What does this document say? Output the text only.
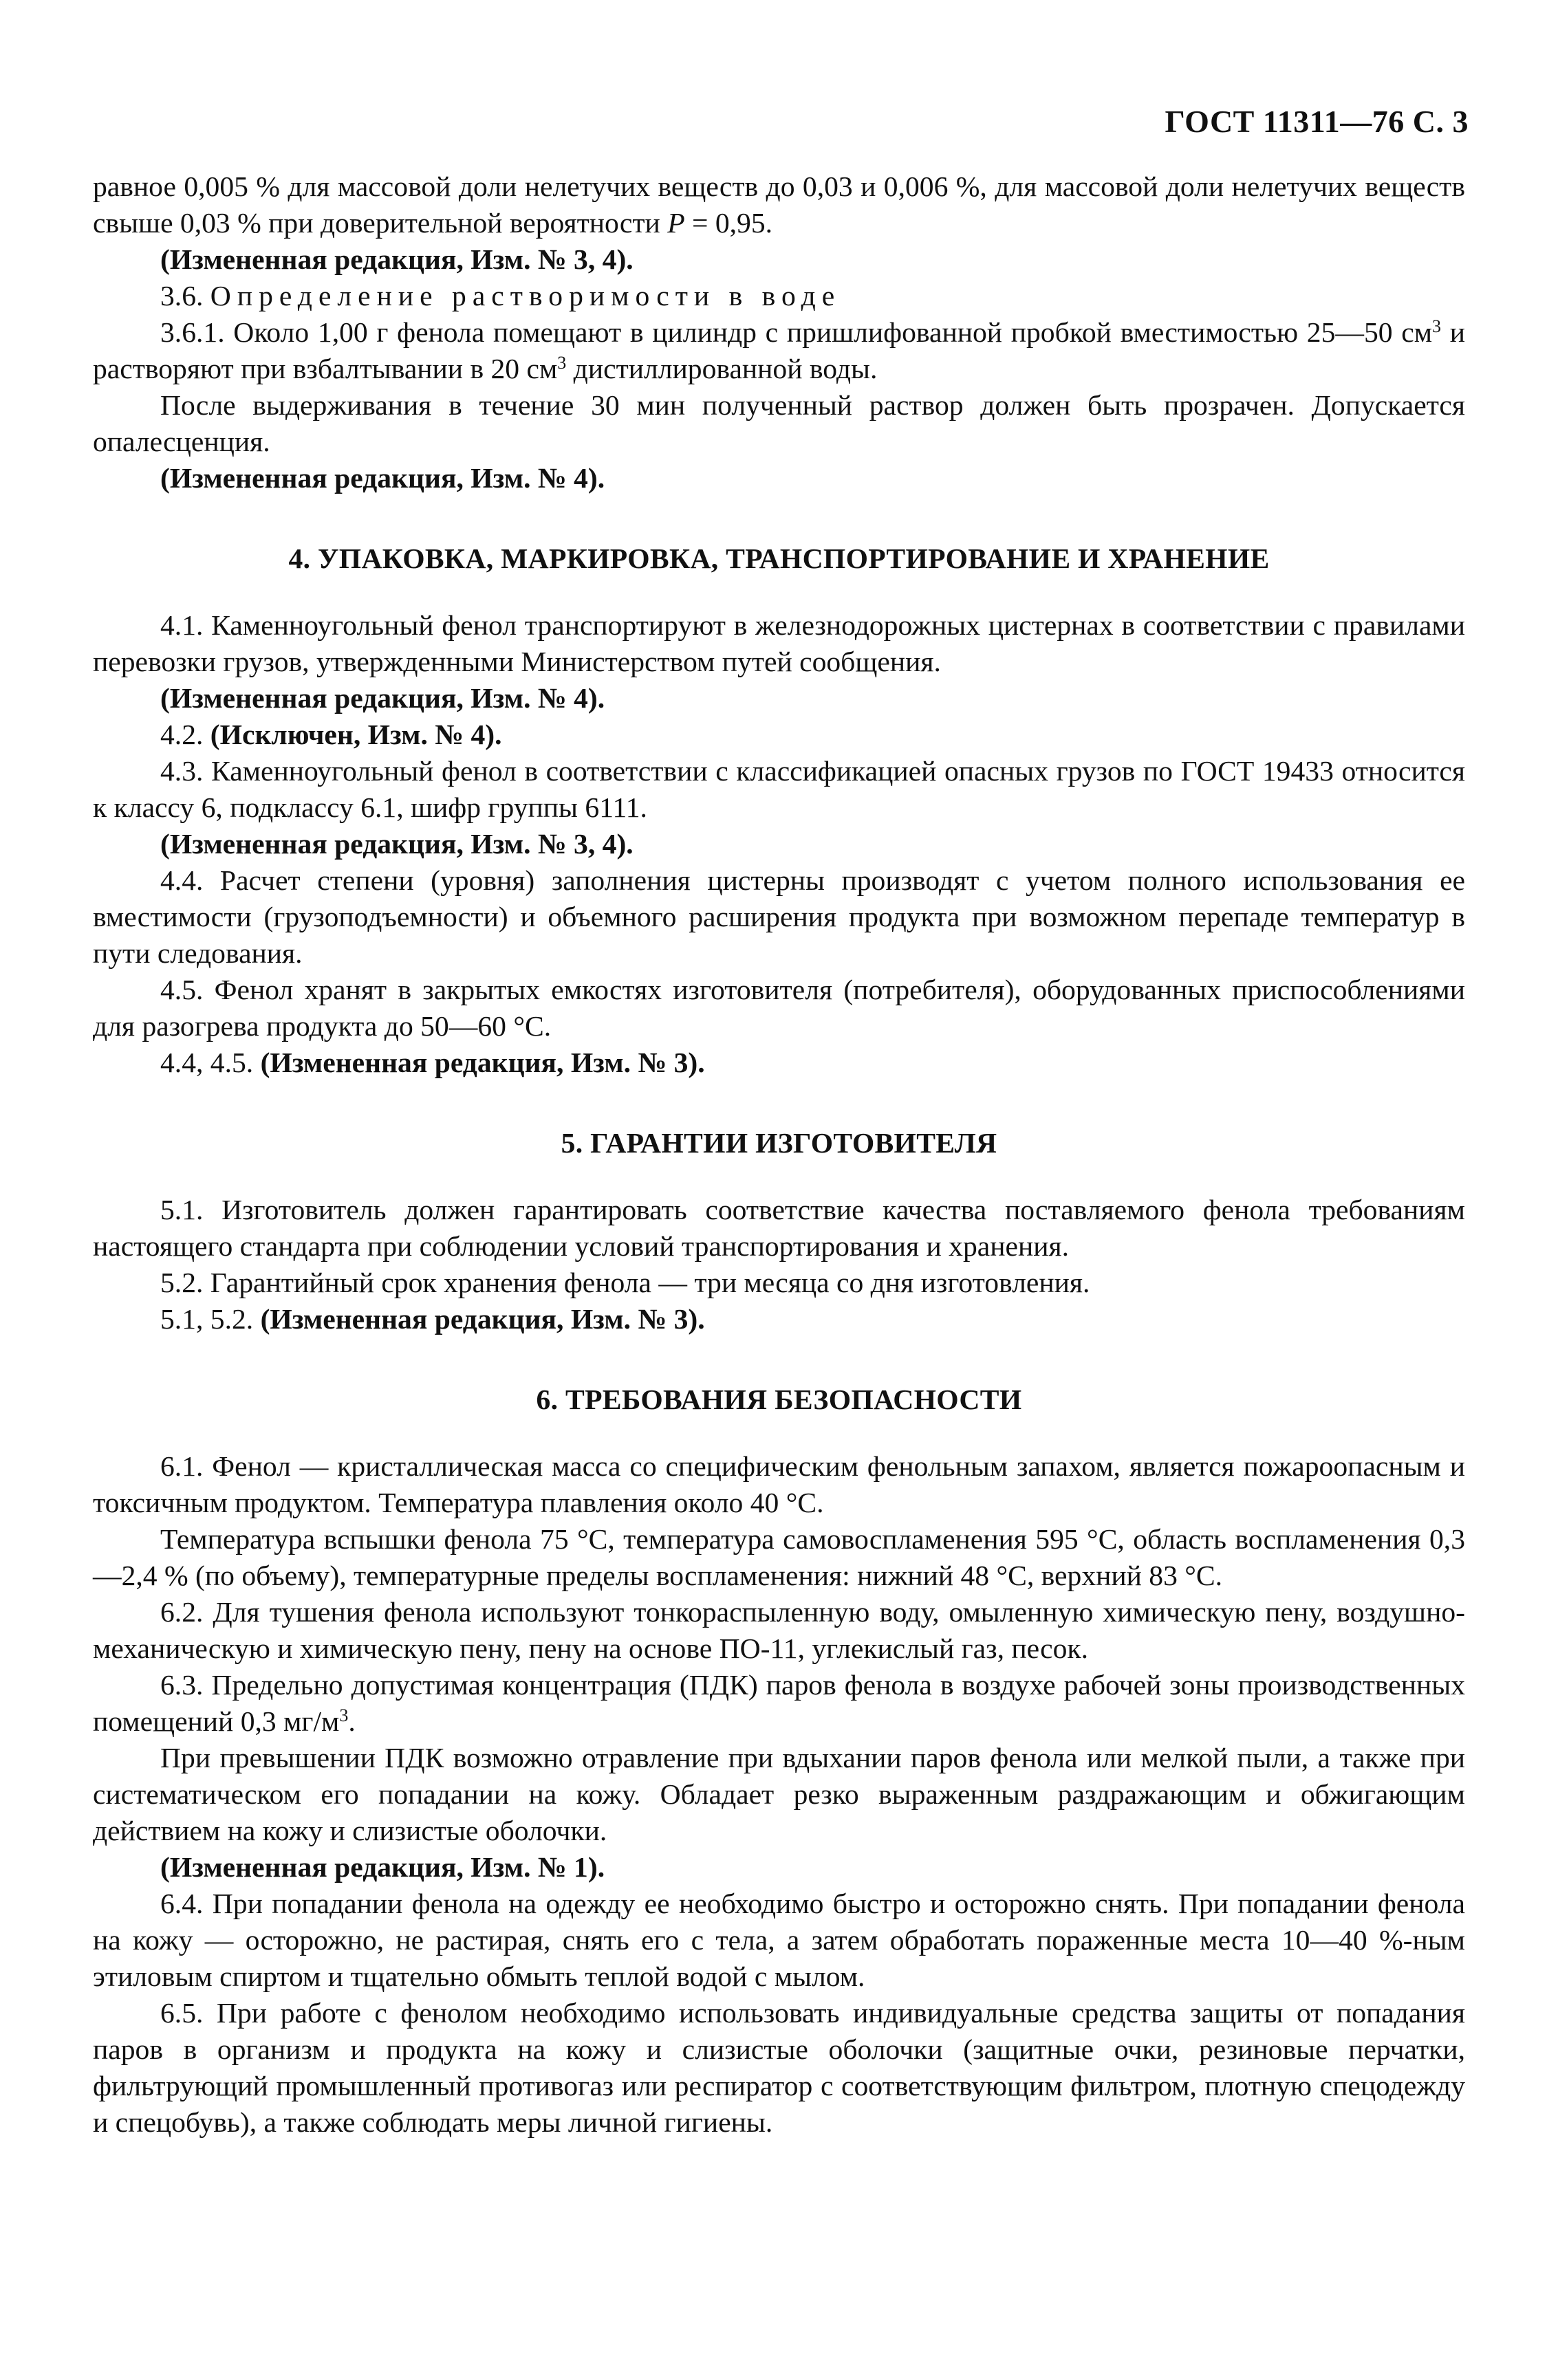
ГОСТ 11311—76 С. 3

равное 0,005 % для массовой доли нелетучих веществ до 0,03 и 0,006 %, для массовой доли нелетучих веществ свыше 0,03 % при доверительной вероятности P = 0,95.

(Измененная редакция, Изм. № 3, 4).

3.6. Определение растворимости в воде

3.6.1. Около 1,00 г фенола помещают в цилиндр с пришлифованной пробкой вместимостью 25—50 $см^3$ и растворяют при взбалтывании в 20 $см^3$ дистиллированной воды.

После выдерживания в течение 30 мин полученный раствор должен быть прозрачен. Допускается опалесценция.

(Измененная редакция, Изм. № 4).

4. УПАКОВКА, МАРКИРОВКА, ТРАНСПОРТИРОВАНИЕ И ХРАНЕНИЕ

4.1. Каменноугольный фенол транспортируют в железнодорожных цистернах в соответствии с правилами перевозки грузов, утвержденными Министерством путей сообщения.

(Измененная редакция, Изм. № 4).

4.2. (Исключен, Изм. № 4).

4.3. Каменноугольный фенол в соответствии с классификацией опасных грузов по ГОСТ 19433 относится к классу 6, подклассу 6.1, шифр группы 6111.

(Измененная редакция, Изм. № 3, 4).

4.4. Расчет степени (уровня) заполнения цистерны производят с учетом полного использования ее вместимости (грузоподъемности) и объемного расширения продукта при возможном перепаде температур в пути следования.

4.5. Фенол хранят в закрытых емкостях изготовителя (потребителя), оборудованных приспособлениями для разогрева продукта до 50—60 °С.

4.4, 4.5. (Измененная редакция, Изм. № 3).

5. ГАРАНТИИ ИЗГОТОВИТЕЛЯ

5.1. Изготовитель должен гарантировать соответствие качества поставляемого фенола требованиям настоящего стандарта при соблюдении условий транспортирования и хранения.

5.2. Гарантийный срок хранения фенола — три месяца со дня изготовления.

5.1, 5.2. (Измененная редакция, Изм. № 3).

6. ТРЕБОВАНИЯ БЕЗОПАСНОСТИ

6.1. Фенол — кристаллическая масса со специфическим фенольным запахом, является пожароопасным и токсичным продуктом. Температура плавления около 40 °С.

Температура вспышки фенола 75 °С, температура самовоспламенения 595 °С, область воспламенения 0,3—2,4 % (по объему), температурные пределы воспламенения: нижний 48 °С, верхний 83 °С.

6.2. Для тушения фенола используют тонкораспыленную воду, омыленную химическую пену, воздушно-механическую и химическую пену, пену на основе ПО-11, углекислый газ, песок.

6.3. Предельно допустимая концентрация (ПДК) паров фенола в воздухе рабочей зоны производственных помещений 0,3 $мг/м^3$.

При превышении ПДК возможно отравление при вдыхании паров фенола или мелкой пыли, а также при систематическом его попадании на кожу. Обладает резко выраженным раздражающим и обжигающим действием на кожу и слизистые оболочки.

(Измененная редакция, Изм. № 1).

6.4. При попадании фенола на одежду ее необходимо быстро и осторожно снять. При попадании фенола на кожу — осторожно, не растирая, снять его с тела, а затем обработать пораженные места 10—40 %-ным этиловым спиртом и тщательно обмыть теплой водой с мылом.

6.5. При работе с фенолом необходимо использовать индивидуальные средства защиты от попадания паров в организм и продукта на кожу и слизистые оболочки (защитные очки, резиновые перчатки, фильтрующий промышленный противогаз или респиратор с соответствующим фильтром, плотную спецодежду и спецобувь), а также соблюдать меры личной гигиены.
